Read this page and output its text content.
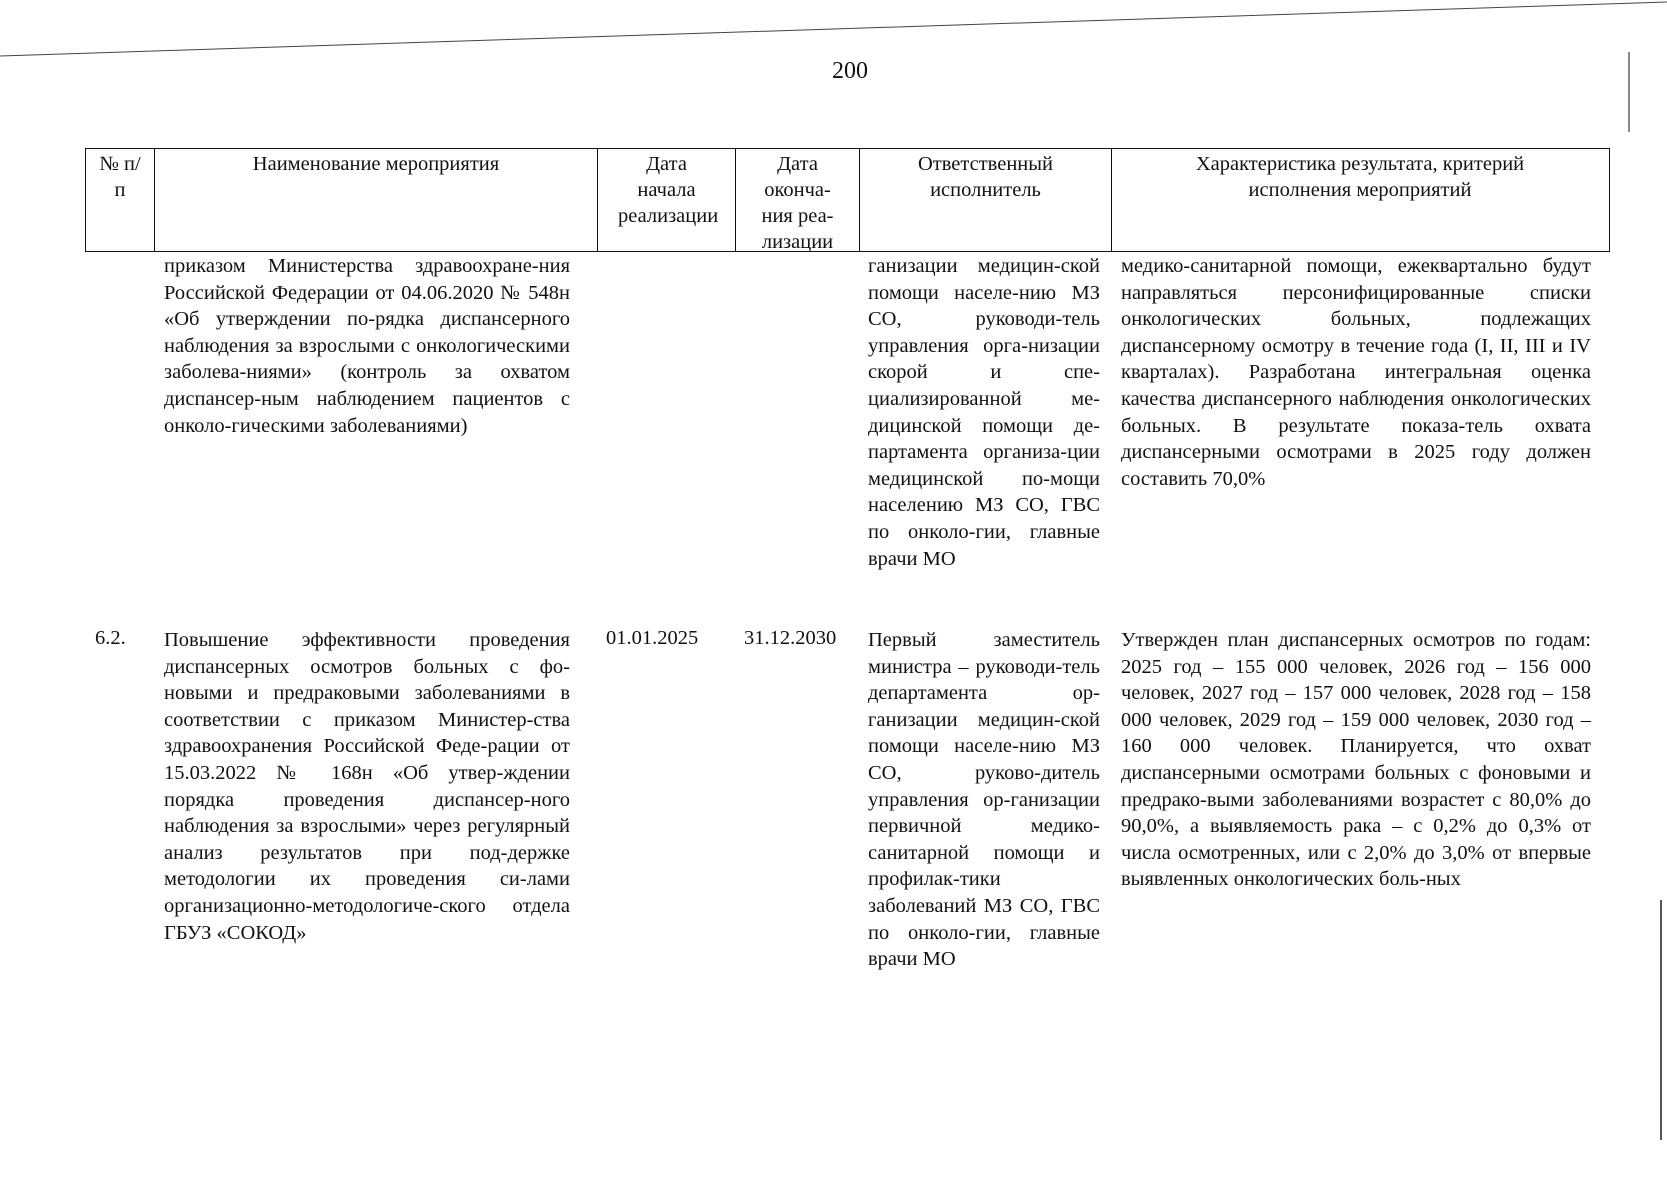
200
№ п/п
Наименование мероприятия	Дата начала реализации
Дата оконча-ния реа-лизации
Ответственный исполнитель
Характеристика результата, критерий исполнения мероприятий
приказом Министерства здравоохране-ния Российской Федерации от 04.06.2020 № 548н «Об утверждении по-рядка диспансерного наблюдения за взрослыми с онкологическими заболева-ниями» (контроль за охватом диспансер-ным наблюдением пациентов с онколо-гическими заболеваниями)
ганизации медицин-ской помощи населе-нию МЗ СО, руководи-тель управления орга-низации скорой и спе-циализированной ме-дицинской помощи де-партамента организа-ции медицинской по-мощи населению МЗ СО, ГВС по онколо-гии, главные врачи МО
медико-санитарной помощи, ежеквартально будут направляться персонифицированные списки онкологических больных, подлежащих диспансерному осмотру в течение года (I, II, III и IV кварталах). Разработана интегральная оценка качества диспансерного наблюдения онкологических больных. В результате показа-тель охвата диспансерными осмотрами в 2025 году должен составить 70,0%
6.2. Повышение эффективности проведения диспансерных осмотров больных с фо-новыми и предраковыми заболеваниями в соответствии с приказом Министер-ства здравоохранения Российской Феде-рации от 15.03.2022 № 168н «Об утвер-ждении порядка проведения диспансер-ного наблюдения за взрослыми» через регулярный анализ результатов при под-держке методологии их проведения си-лами организационно-методологиче-ского отдела ГБУЗ «СОКОД»
01.01.2025 31.12.2030 Первый заместитель министра – руководи-тель департамента ор-ганизации медицин-ской помощи населе-нию МЗ СО, руково-дитель управления ор-ганизации первичной медико-санитарной помощи и профилак-тики заболеваний МЗ СО, ГВС по онколо-гии, главные врачи МО
Утвержден план диспансерных осмотров по годам: 2025 год – 155 000 человек, 2026 год – 156 000 человек, 2027 год – 157 000 человек, 2028 год – 158 000 человек, 2029 год – 159 000 человек, 2030 год – 160 000 человек. Планируется, что охват диспансерными осмотрами больных с фоновыми и предрако-выми заболеваниями возрастет с 80,0% до 90,0%, а выявляемость рака – с 0,2% до 0,3% от числа осмотренных, или с 2,0% до 3,0% от впервые выявленных онкологических боль-ных
